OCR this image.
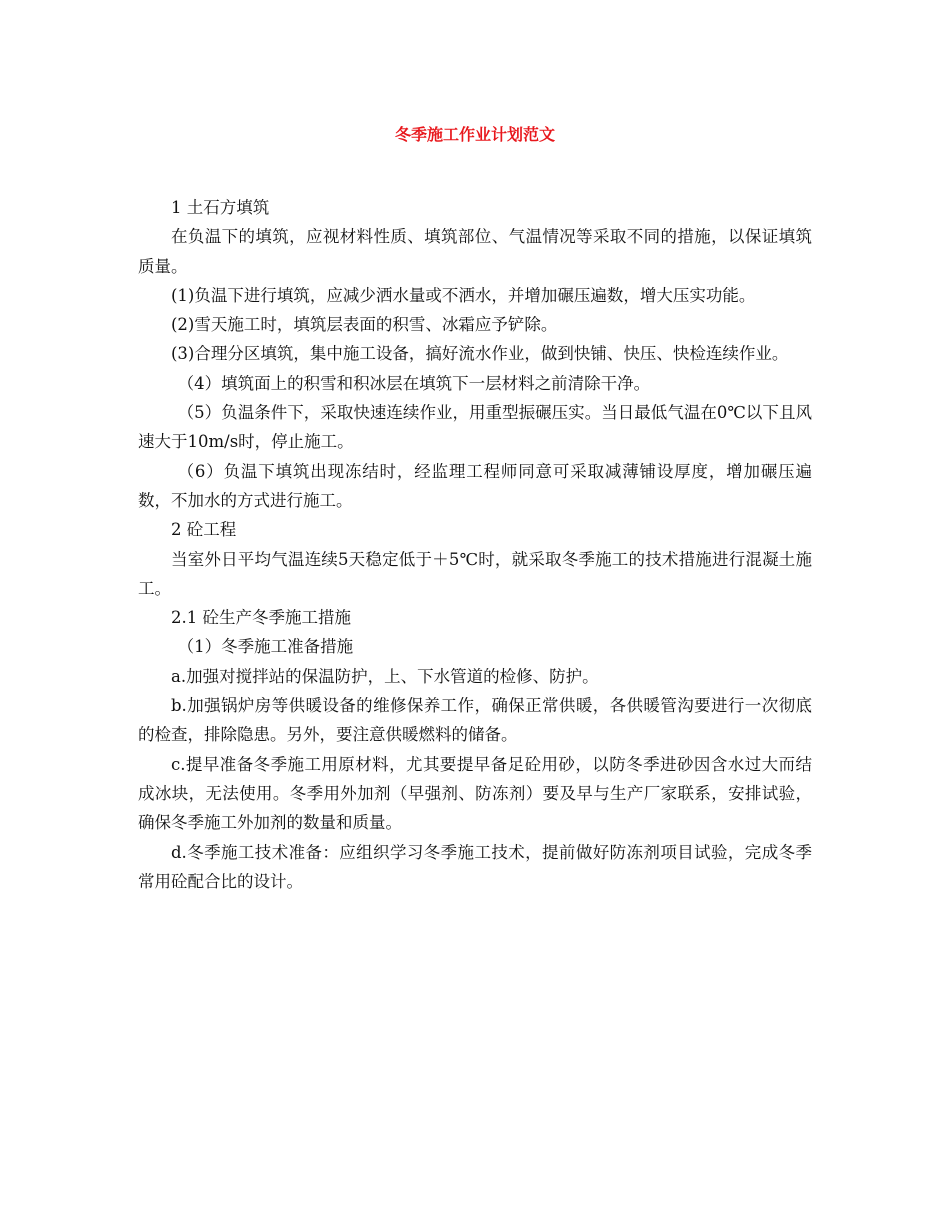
冬季施工作业计划范文

1 土石方填筑

在负温下的填筑，应视材料性质、填筑部位、气温情况等采取不同的措施，以保证填筑质量。

(1)负温下进行填筑，应减少洒水量或不洒水，并增加碾压遍数，增大压实功能。

(2)雪天施工时，填筑层表面的积雪、冰霜应予铲除。

(3)合理分区填筑，集中施工设备，搞好流水作业，做到快铺、快压、快检连续作业。

（4）填筑面上的积雪和积冰层在填筑下一层材料之前清除干净。

（5）负温条件下，采取快速连续作业，用重型振碾压实。当日最低气温在0℃以下且风速大于10m/s时，停止施工。

（6）负温下填筑出现冻结时，经监理工程师同意可采取减薄铺设厚度，增加碾压遍数，不加水的方式进行施工。

2 砼工程

当室外日平均气温连续5天稳定低于＋5℃时，就采取冬季施工的技术措施进行混凝土施工。

2.1 砼生产冬季施工措施

（1）冬季施工准备措施

a.加强对搅拌站的保温防护，上、下水管道的检修、防护。

b.加强锅炉房等供暖设备的维修保养工作，确保正常供暖，各供暖管沟要进行一次彻底的检查，排除隐患。另外，要注意供暖燃料的储备。

c.提早准备冬季施工用原材料，尤其要提早备足砼用砂，以防冬季进砂因含水过大而结成冰块，无法使用。冬季用外加剂（早强剂、防冻剂）要及早与生产厂家联系，安排试验，确保冬季施工外加剂的数量和质量。

d.冬季施工技术准备：应组织学习冬季施工技术，提前做好防冻剂项目试验，完成冬季常用砼配合比的设计。
